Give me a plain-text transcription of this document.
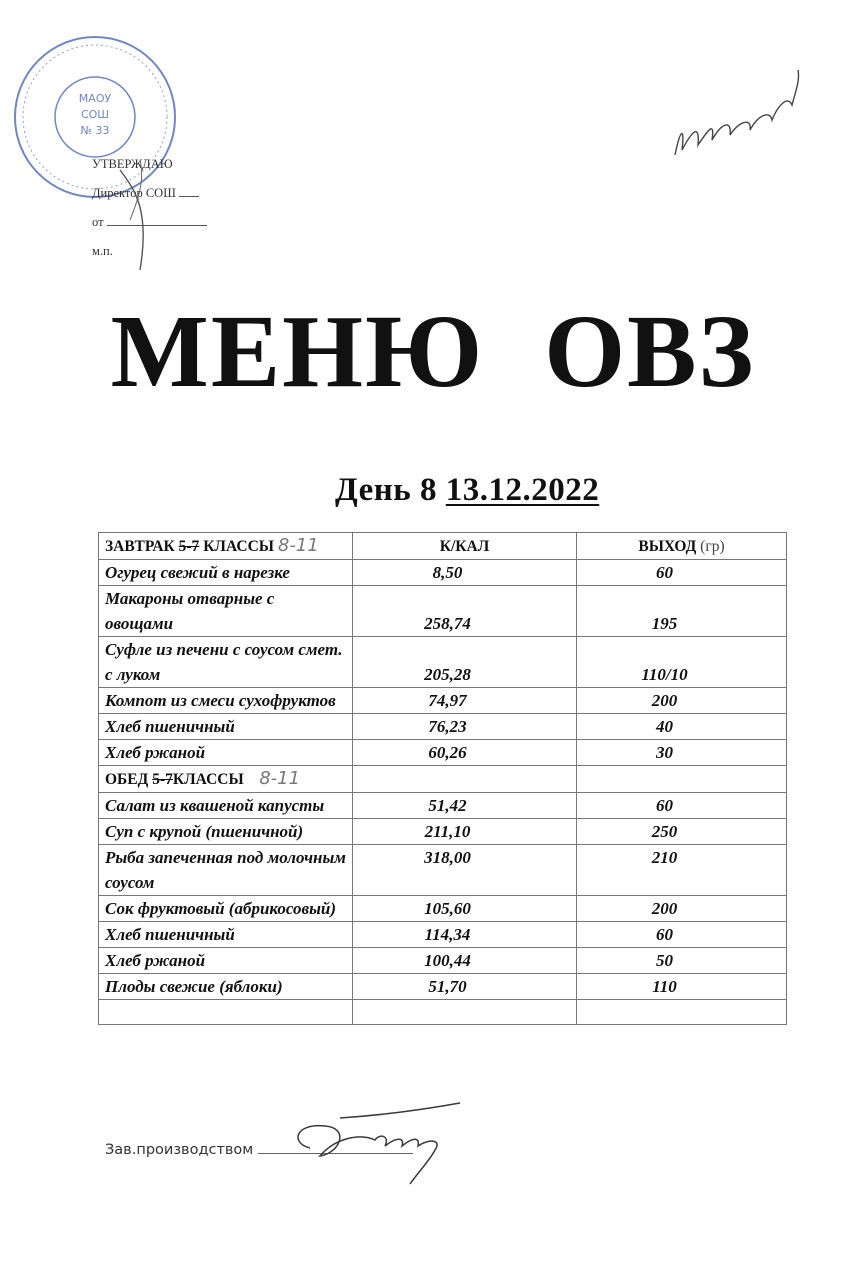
МАОУ
СОШ
№ 33
УТВЕРЖДАЮ
Директор СОШ
от
м.п.
МЕНЮ ОВЗ
День 8 13.12.2022
ЗАВТРАК 5-7 КЛАССЫ 8-11	К/КАЛ	ВЫХОД (гр)
Огурец свежий в нарезке	8,50	60
Макароны отварные с овощами	258,74	195
Суфле из печени с соусом смет. с луком	205,28	110/10
Компот из смеси сухофруктов	74,97	200
Хлеб пшеничный	76,23	40
Хлеб ржаной	60,26	30
ОБЕД 5-7КЛАССЫ 8-11		
Салат из квашеной капусты	51,42	60
Суп с крупой (пшеничной)	211,10	250
Рыба запеченная под молочным соусом	318,00	210
Сок фруктовый (абрикосовый)	105,60	200
Хлеб пшеничный	114,34	60
Хлеб ржаной	100,44	50
Плоды свежие (яблоки)	51,70	110

Зав.производством
